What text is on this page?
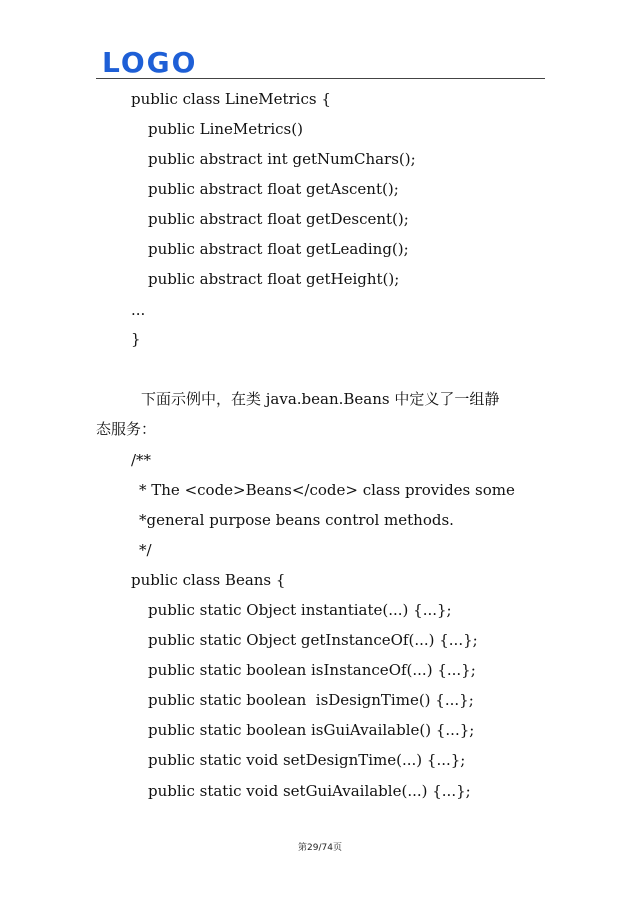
LOGO
public class LineMetrics {
public LineMetrics()
public abstract int getNumChars();
public abstract float getAscent();
public abstract float getDescent();
public abstract float getLeading();
public abstract float getHeight();
...
}
下面示例中，在类 java.bean.Beans 中定义了一组静
态服务：
/**
* The <code>Beans</code> class provides some
*general purpose beans control methods.
*/
public class Beans {
public static Object instantiate(...) {...};
public static Object getInstanceOf(...) {...};
public static boolean isInstanceOf(...) {...};
public static boolean  isDesignTime() {...};
public static boolean isGuiAvailable() {...};
public static void setDesignTime(...) {...};
public static void setGuiAvailable(...) {...};
第29/74页
